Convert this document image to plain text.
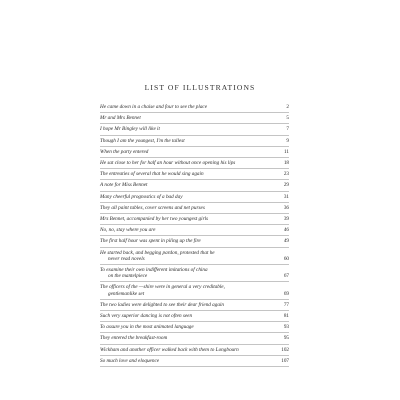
LIST OF ILLUSTRATIONS
He came down in a chaise and four to see the place	2
Mr and Mrs Bennet	5
I hope Mr Bingley will like it	7
Though I am the youngest, I'm the tallest	9
When the party entered	11
He sat close to her for half an hour without once opening his lips	18
The entreaties of several that he would sing again	23
A note for Miss Bennet	29
Many cheerful prognostics of a bad day	31
They all paint tables, cover screens and net purses	36
Mrs Bennet, accompanied by her two youngest girls	39
No, no, stay where you are	46
The first half hour was spent in piling up the fire	49
He started back, and begging pardon, protested that he
never read novels	60
To examine their own indifferent imitations of china
on the mantelpiece	67
The officers of the —shire were in general a very creditable,
gentlemanlike set	69
The two ladies were delighted to see their dear friend again	77
Such very superior dancing is not often seen	81
To assure you in the most animated language	93
They entered the breakfast-room	95
Wickham and another officer walked back with them to Longbourn	102
So much love and eloquence	107
